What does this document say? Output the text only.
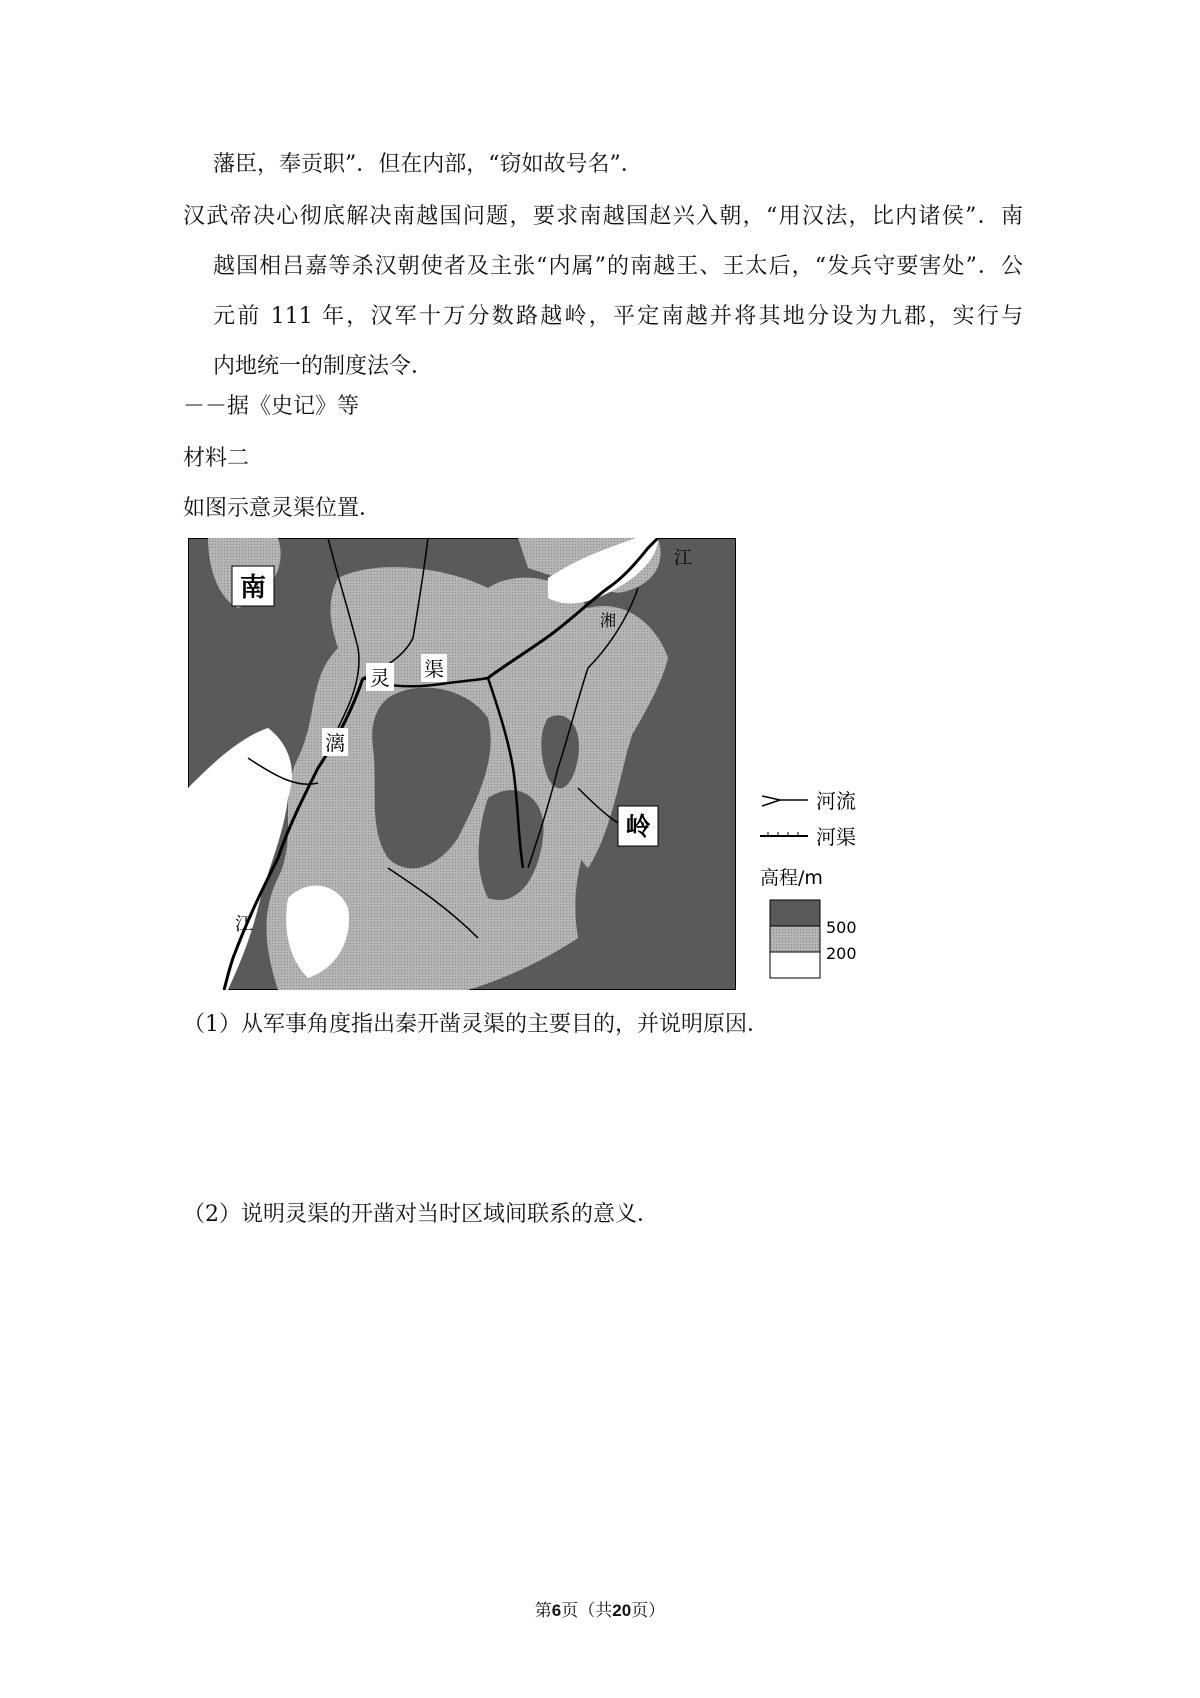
藩臣，奉贡职”．但在内部，“窃如故号名”．
汉武帝决心彻底解决南越国问题，要求南越国赵兴入朝，“用汉法，比内诸侯”．南
越国相吕嘉等杀汉朝使者及主张“内属”的南越王、王太后，“发兵守要害处”．公
元前 111 年，汉军十万分数路越岭，平定南越并将其地分设为九郡，实行与
内地统一的制度法令．
－－据《史记》等
材料二
如图示意灵渠位置．
南
岭
灵 渠
漓
江
江
湘
河流
河渠
高程/m
500
200
（1）从军事角度指出秦开凿灵渠的主要目的，并说明原因．
（2）说明灵渠的开凿对当时区域间联系的意义．
第6页（共20页）
